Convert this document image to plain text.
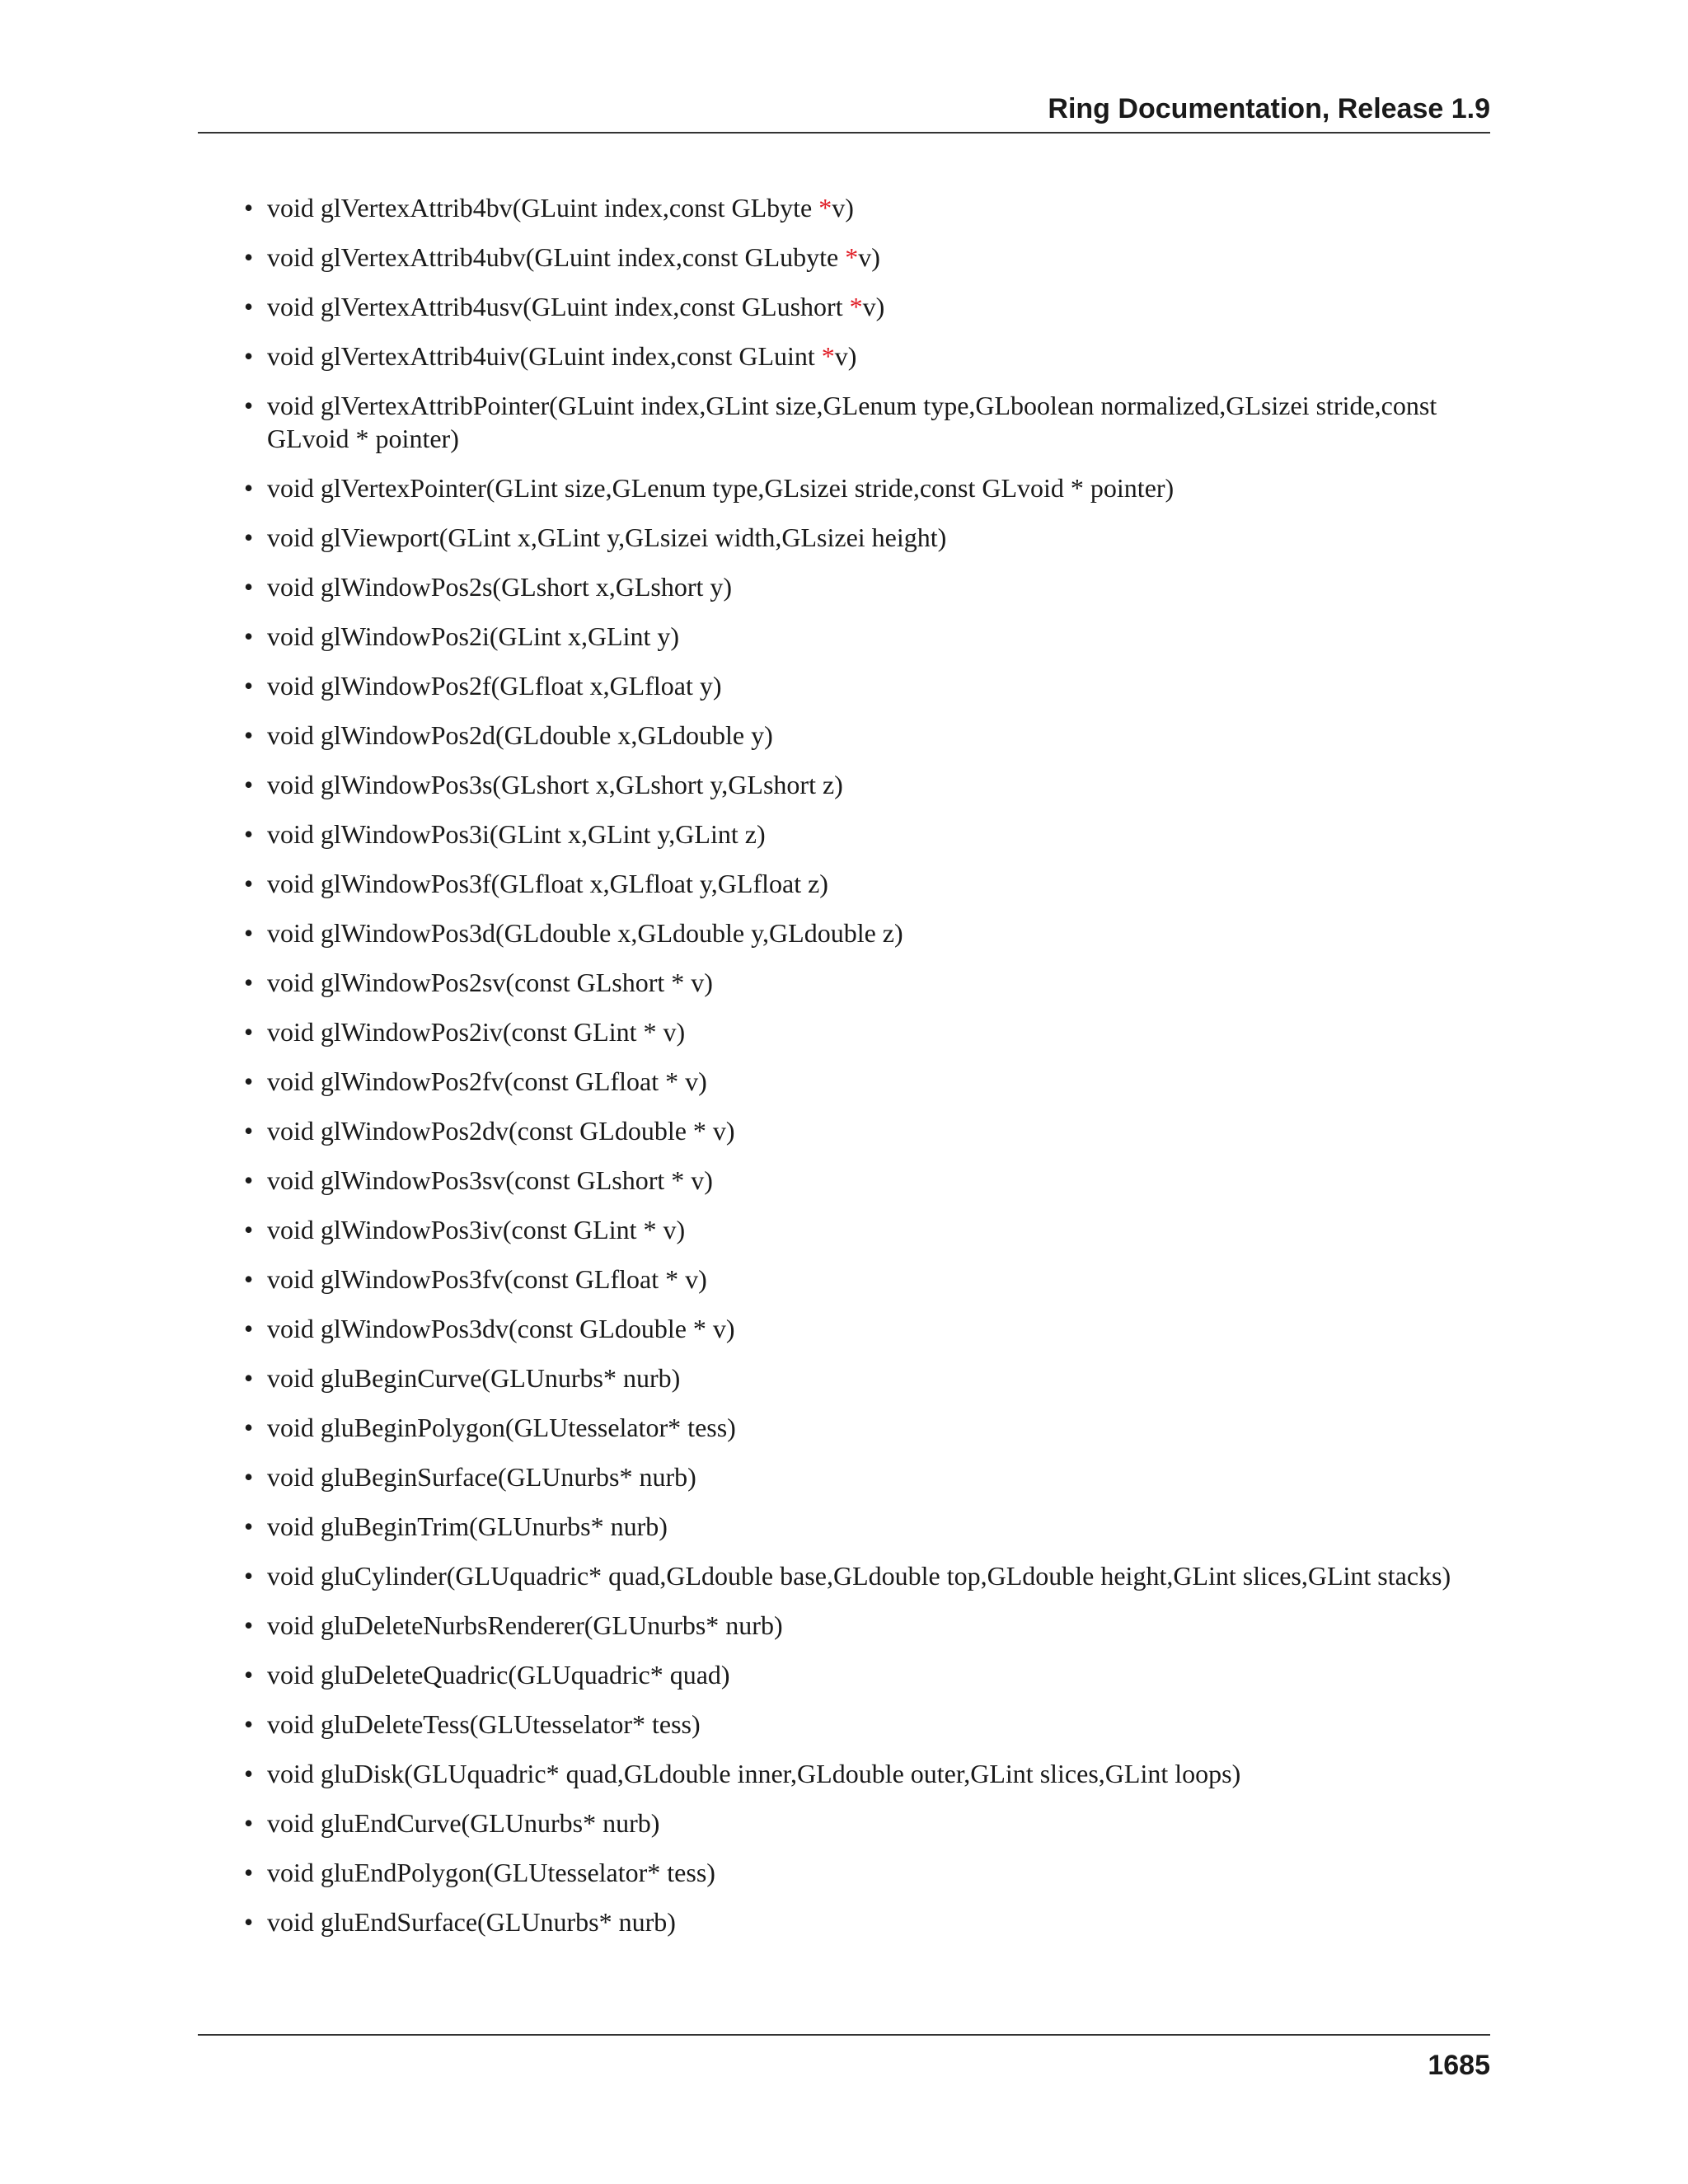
Ring Documentation, Release 1.9
• void glVertexAttrib4bv(GLuint index,const GLbyte *v)
• void glVertexAttrib4ubv(GLuint index,const GLubyte *v)
• void glVertexAttrib4usv(GLuint index,const GLushort *v)
• void glVertexAttrib4uiv(GLuint index,const GLuint *v)
• void glVertexAttribPointer(GLuint index,GLint size,GLenum type,GLboolean normalized,GLsizei stride,const GLvoid * pointer)
• void glVertexPointer(GLint size,GLenum type,GLsizei stride,const GLvoid * pointer)
• void glViewport(GLint x,GLint y,GLsizei width,GLsizei height)
• void glWindowPos2s(GLshort x,GLshort y)
• void glWindowPos2i(GLint x,GLint y)
• void glWindowPos2f(GLfloat x,GLfloat y)
• void glWindowPos2d(GLdouble x,GLdouble y)
• void glWindowPos3s(GLshort x,GLshort y,GLshort z)
• void glWindowPos3i(GLint x,GLint y,GLint z)
• void glWindowPos3f(GLfloat x,GLfloat y,GLfloat z)
• void glWindowPos3d(GLdouble x,GLdouble y,GLdouble z)
• void glWindowPos2sv(const GLshort * v)
• void glWindowPos2iv(const GLint * v)
• void glWindowPos2fv(const GLfloat * v)
• void glWindowPos2dv(const GLdouble * v)
• void glWindowPos3sv(const GLshort * v)
• void glWindowPos3iv(const GLint * v)
• void glWindowPos3fv(const GLfloat * v)
• void glWindowPos3dv(const GLdouble * v)
• void gluBeginCurve(GLUnurbs* nurb)
• void gluBeginPolygon(GLUtesselator* tess)
• void gluBeginSurface(GLUnurbs* nurb)
• void gluBeginTrim(GLUnurbs* nurb)
• void gluCylinder(GLUquadric* quad,GLdouble base,GLdouble top,GLdouble height,GLint slices,GLint stacks)
• void gluDeleteNurbsRenderer(GLUnurbs* nurb)
• void gluDeleteQuadric(GLUquadric* quad)
• void gluDeleteTess(GLUtesselator* tess)
• void gluDisk(GLUquadric* quad,GLdouble inner,GLdouble outer,GLint slices,GLint loops)
• void gluEndCurve(GLUnurbs* nurb)
• void gluEndPolygon(GLUtesselator* tess)
• void gluEndSurface(GLUnurbs* nurb)
1685
